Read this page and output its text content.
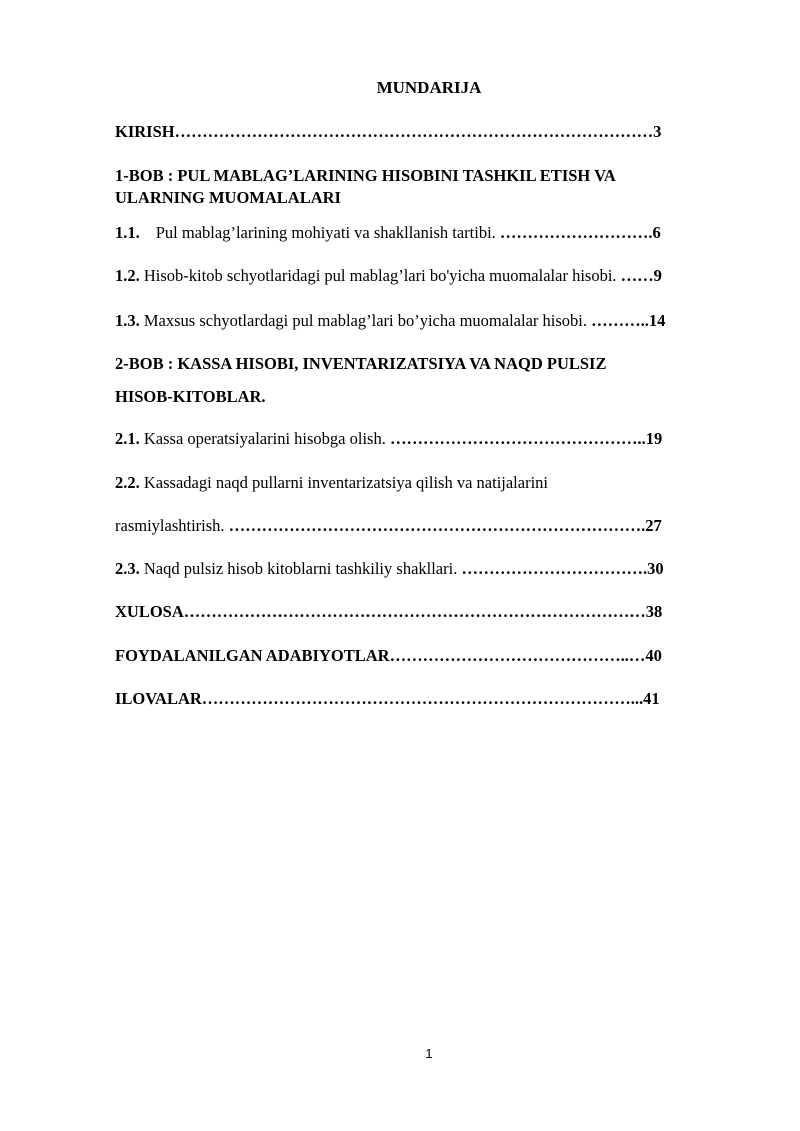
MUNDARIJA
KIRISH……………………………………………………………………………3
1-BOB : PUL MABLAG’LARINING HISOBINI TASHKIL ETISH VA
ULARNING MUOMALALARI
1.1. Pul mablag’larining mohiyati va shakllanish tartibi. ……………………….6
1.2. Hisob-kitob schyotlaridagi pul mablag’lari bo'yicha muomalalar hisobi. ……9
1.3. Maxsus schyotlardagi pul mablag’lari bo’yicha muomalalar hisobi. ………..14
2-BOB : KASSA HISOBI, INVENTARIZATSIYA VA NAQD PULSIZ
HISOB-KITOBLAR.
2.1. Kassa operatsiyalarini hisobga olish. ………………………………………..19
2.2. Kassadagi naqd pullarni inventarizatsiya qilish va natijalarini
rasmiylashtirish. ………………………………………………………………….27
2.3. Naqd pulsiz hisob kitoblarni tashkiliy shakllari. …………………………….30
XULOSA…………………………………………………………………………38
FOYDALANILGAN ADABIYOTLAR……………………………………..…40
ILOVALAR……………………………………………………………………...41
1
